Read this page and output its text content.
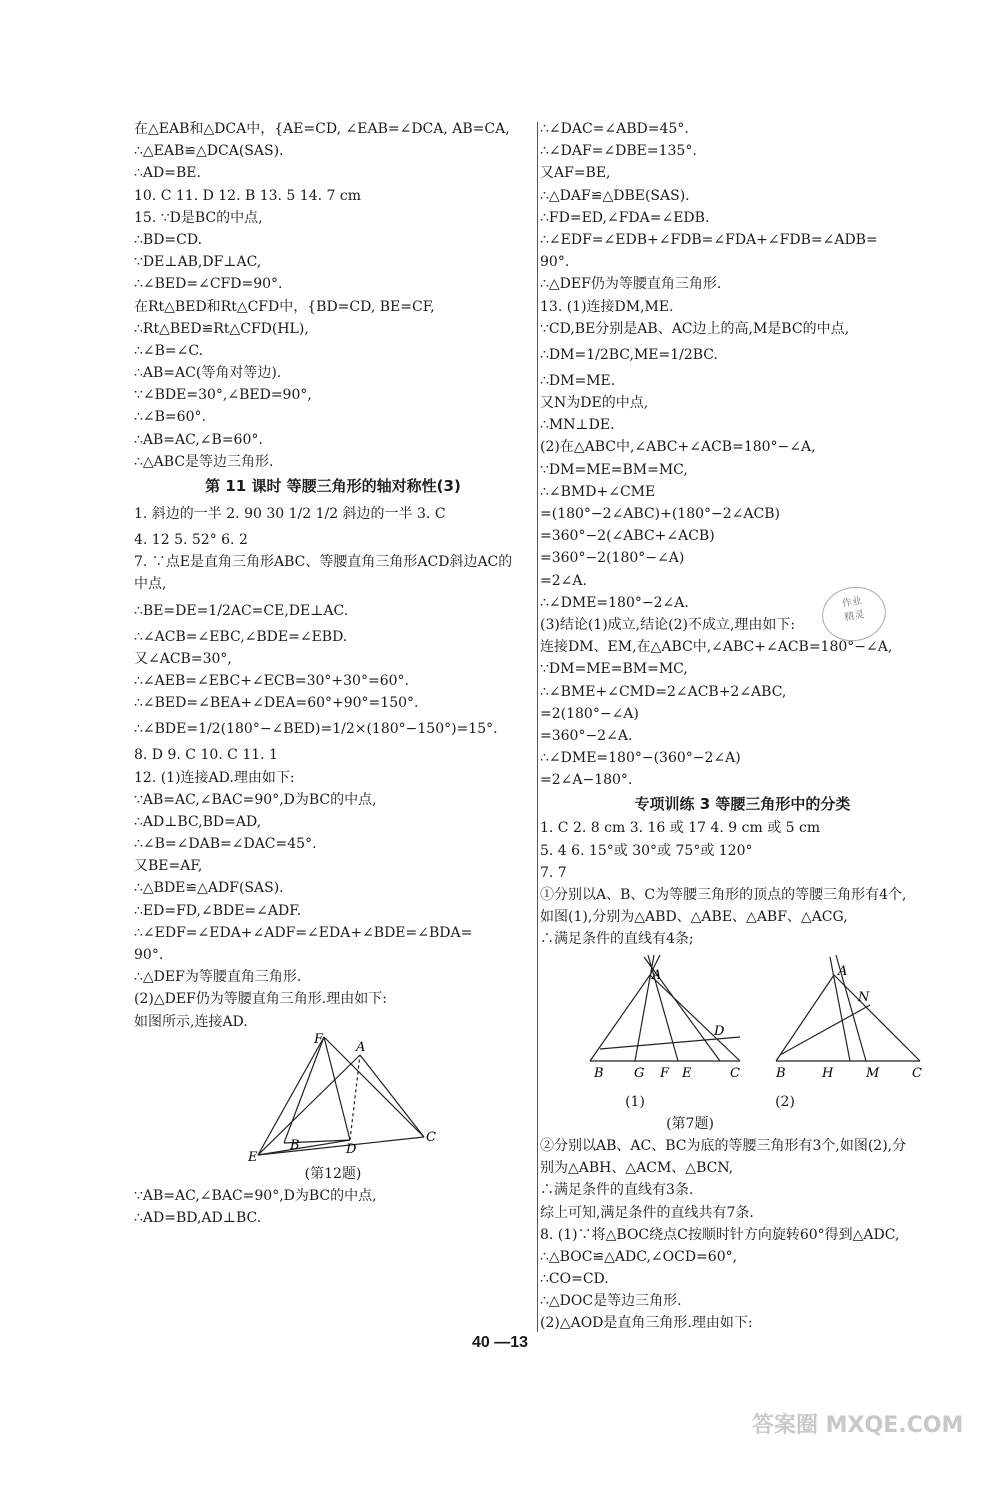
在△EAB和△DCA中，{AE=CD, ∠EAB=∠DCA, AB=CA,
∴△EAB≌△DCA(SAS).
∴AD=BE.
10. C 11. D 12. B 13. 5 14. 7 cm
15. ∵D是BC的中点,
∴BD=CD.
∵DE⊥AB,DF⊥AC,
∴∠BED=∠CFD=90°.
在Rt△BED和Rt△CFD中，{BD=CD, BE=CF,
∴Rt△BED≌Rt△CFD(HL),
∴∠B=∠C.
∴AB=AC(等角对等边).
∵∠BDE=30°,∠BED=90°,
∴∠B=60°.
∴AB=AC,∠B=60°.
∴△ABC是等边三角形.
第 11 课时 等腰三角形的轴对称性(3)
1. 斜边的一半 2. 90 30 1/2 1/2 斜边的一半 3. C
4. 12 5. 52° 6. 2
7. ∵点E是直角三角形ABC、等腰直角三角形ACD斜边AC的
中点,
∴BE=DE=1/2AC=CE,DE⊥AC.
∴∠ACB=∠EBC,∠BDE=∠EBD.
又∠ACB=30°,
∴∠AEB=∠EBC+∠ECB=30°+30°=60°.
∴∠BED=∠BEA+∠DEA=60°+90°=150°.
∴∠BDE=1/2(180°−∠BED)=1/2×(180°−150°)=15°.
8. D 9. C 10. C 11. 1
12. (1)连接AD.理由如下:
∵AB=AC,∠BAC=90°,D为BC的中点,
∴AD⊥BC,BD=AD,
∴∠B=∠DAB=∠DAC=45°.
又BE=AF,
∴△BDE≌△ADF(SAS).
∴ED=FD,∠BDE=∠ADF.
∴∠EDF=∠EDA+∠ADF=∠EDA+∠BDE=∠BDA=
90°.
∴△DEF为等腰直角三角形.
(2)△DEF仍为等腰直角三角形.理由如下:
如图所示,连接AD.
F
A
B	D
C
E
(第12题)
∵AB=AC,∠BAC=90°,D为BC的中点,
∴AD=BD,AD⊥BC.
∴∠DAC=∠ABD=45°.
∴∠DAF=∠DBE=135°.
又AF=BE,
∴△DAF≌△DBE(SAS).
∴FD=ED,∠FDA=∠EDB.
∴∠EDF=∠EDB+∠FDB=∠FDA+∠FDB=∠ADB=
90°.
∴△DEF仍为等腰直角三角形.
13. (1)连接DM,ME.
∵CD,BE分别是AB、AC边上的高,M是BC的中点,
∴DM=1/2BC,ME=1/2BC.
∴DM=ME.
又N为DE的中点,
∴MN⊥DE.
(2)在△ABC中,∠ABC+∠ACB=180°−∠A,
∵DM=ME=BM=MC,
∴∠BMD+∠CME
=(180°−2∠ABC)+(180°−2∠ACB)
=360°−2(∠ABC+∠ACB)
=360°−2(180°−∠A)
=2∠A.
∴∠DME=180°−2∠A.
(3)结论(1)成立,结论(2)不成立,理由如下:
连接DM、EM,在△ABC中,∠ABC+∠ACB=180°−∠A,
∵DM=ME=BM=MC,
∴∠BME+∠CMD=2∠ACB+2∠ABC,
=2(180°−∠A)
=360°−2∠A.
∴∠DME=180°−(360°−2∠A)
=2∠A−180°.
专项训练 3 等腰三角形中的分类
1. C 2. 8 cm 3. 16 或 17 4. 9 cm 或 5 cm
5. 4 6. 15°或 30°或 75°或 120°
7. 7
①分别以A、B、C为等腰三角形的顶点的等腰三角形有4个,
如图(1),分别为△ABD、△ABE、△ABF、△ACG,
∴满足条件的直线有4条;
A
B G F E	C
D
A
N
B	H	M	C
(1)	(2)
(第7题)
②分别以AB、AC、BC为底的等腰三角形有3个,如图(2),分
别为△ABH、△ACM、△BCN,
∴满足条件的直线有3条.
综上可知,满足条件的直线共有7条.
8. (1)∵将△BOC绕点C按顺时针方向旋转60°得到△ADC,
∴△BOC≌△ADC,∠OCD=60°,
∴CO=CD.
∴△DOC是等边三角形.
(2)△AOD是直角三角形.理由如下:
作业
精灵
40 —13
答案圈 MXQE.COM
